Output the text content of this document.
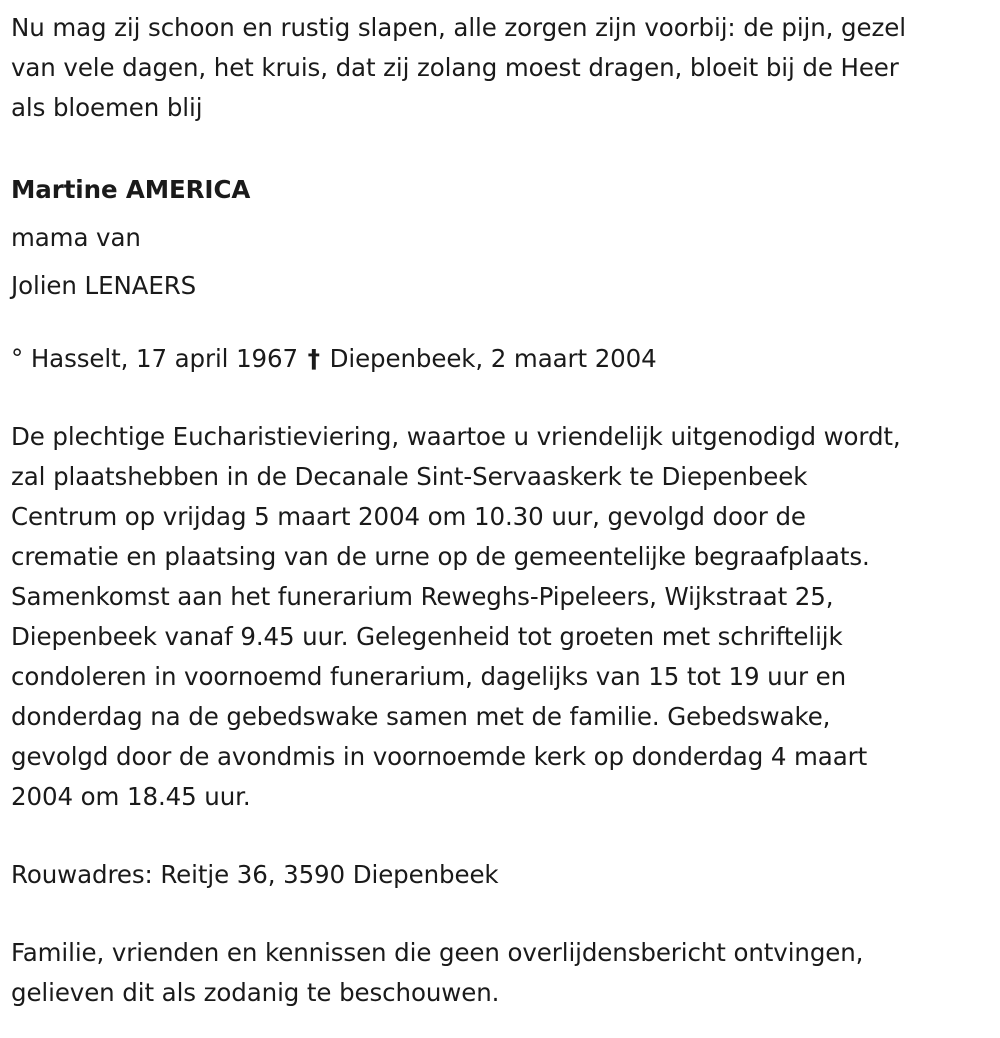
Nu mag zij schoon en rustig slapen, alle zorgen zijn voorbij: de pijn, gezel
van vele dagen, het kruis, dat zij zolang moest dragen, bloeit bij de Heer
als bloemen blij
Martine AMERICA
mama van
Jolien LENAERS
° Hasselt, 17 april 1967 † Diepenbeek, 2 maart 2004
De plechtige Eucharistieviering, waartoe u vriendelijk uitgenodigd wordt,
zal plaatshebben in de Decanale Sint-Servaaskerk te Diepenbeek
Centrum op vrijdag 5 maart 2004 om 10.30 uur, gevolgd door de
crematie en plaatsing van de urne op de gemeentelijke begraafplaats.
Samenkomst aan het funerarium Reweghs-Pipeleers, Wijkstraat 25,
Diepenbeek vanaf 9.45 uur. Gelegenheid tot groeten met schriftelijk
condoleren in voornoemd funerarium, dagelijks van 15 tot 19 uur en
donderdag na de gebedswake samen met de familie. Gebedswake,
gevolgd door de avondmis in voornoemde kerk op donderdag 4 maart
2004 om 18.45 uur.
Rouwadres: Reitje 36, 3590 Diepenbeek
Familie, vrienden en kennissen die geen overlijdensbericht ontvingen,
gelieven dit als zodanig te beschouwen.
